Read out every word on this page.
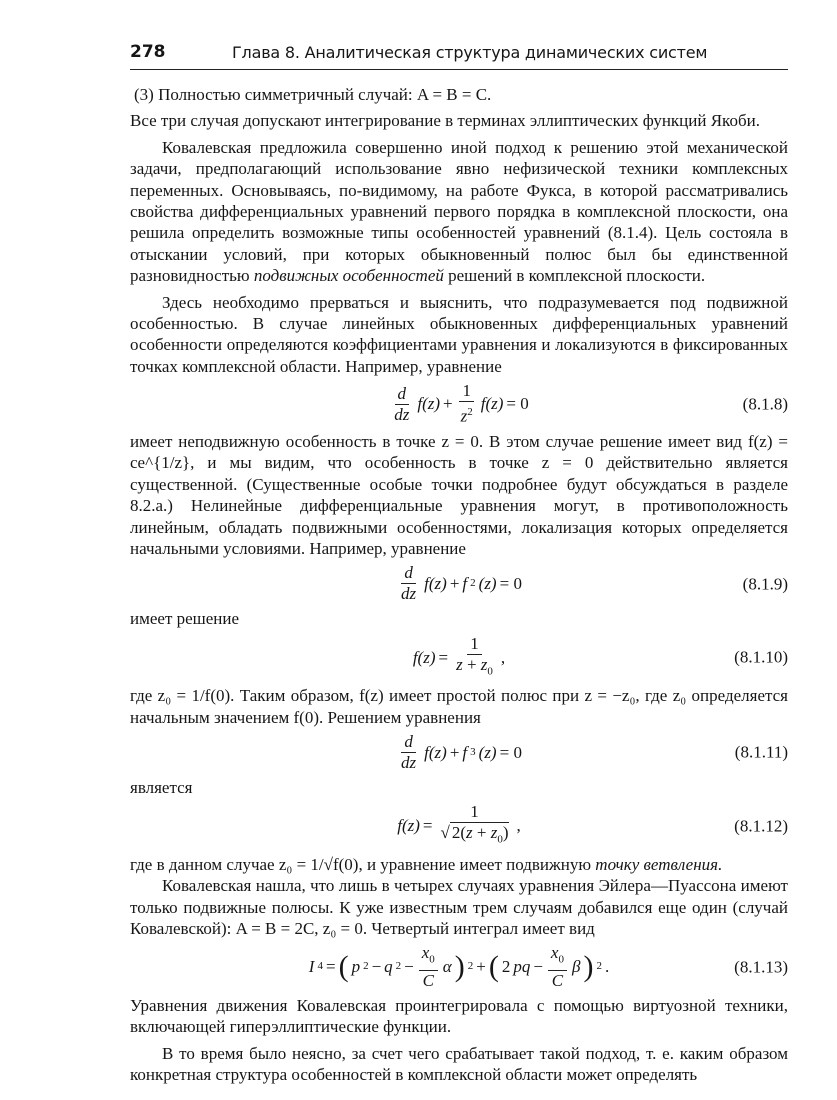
278	Глава 8. Аналитическая структура динамических систем

(3) Полностью симметричный случай: A = B = C.

Все три случая допускают интегрирование в терминах эллиптических функций Якоби.

Ковалевская предложила совершенно иной подход к решению этой механической задачи, предполагающий использование явно нефизической техники комплексных переменных. Основываясь, по-видимому, на работе Фукса, в которой рассматривались свойства дифференциальных уравнений первого порядка в комплексной плоскости, она решила определить возможные типы особенностей уравнений (8.1.4). Цель состояла в отыскании условий, при которых обыкновенный полюс был бы единственной разновидностью подвижных особенностей решений в комплексной плоскости.

Здесь необходимо прерваться и выяснить, что подразумевается под подвижной особенностью. В случае линейных обыкновенных дифференциальных уравнений особенности определяются коэффициентами уравнения и локализуются в фиксированных точках комплексной области. Например, уравнение

$\frac{d}{dz} f(z) + \frac{1}{z^2} f(z) = 0$	(8.1.8)

имеет неподвижную особенность в точке z = 0. В этом случае решение имеет вид f(z) = ce^{1/z}, и мы видим, что особенность в точке z = 0 действительно является существенной. (Существенные особые точки подробнее будут обсуждаться в разделе 8.2.а.) Нелинейные дифференциальные уравнения могут, в противоположность линейным, обладать подвижными особенностями, локализация которых определяется начальными условиями. Например, уравнение

$\frac{d}{dz} f(z) + f$ 2 (z) = 0	(8.1.9)

имеет решение

$f(z) = \frac{1}{z + z_0}$ ,	(8.1.10)

где z₀ = 1/f(0). Таким образом, f(z) имеет простой полюс при z = −z₀, где z₀ определяется начальным значением f(0). Решением уравнения

$\frac{d}{dz} f(z) + f$ 3 (z) = 0	(8.1.11)

является

$f(z) = \frac{1}{√ 2(z + z_0)}$ ,	(8.1.12)

где в данном случае z₀ = 1/√f(0), и уравнение имеет подвижную точку ветвления.

Ковалевская нашла, что лишь в четырех случаях уравнения Эйлера—Пуассона имеют только подвижные полюсы. К уже известным трем случаям добавился еще один (случай Ковалевской): A = B = 2C, z₀ = 0. Четвертый интеграл имеет вид

I 4 = ( p 2 − q $2 - \frac{x_0}{C}$ α ) 2 + ( 2 pq − $\frac{x_0}{C}$ β ) 2 .	(8.1.13)

Уравнения движения Ковалевская проинтегрировала с помощью виртуозной техники, включающей гиперэллиптические функции.

В то время было неясно, за счет чего срабатывает такой подход, т. е. каким образом конкретная структура особенностей в комплексной области может определять
